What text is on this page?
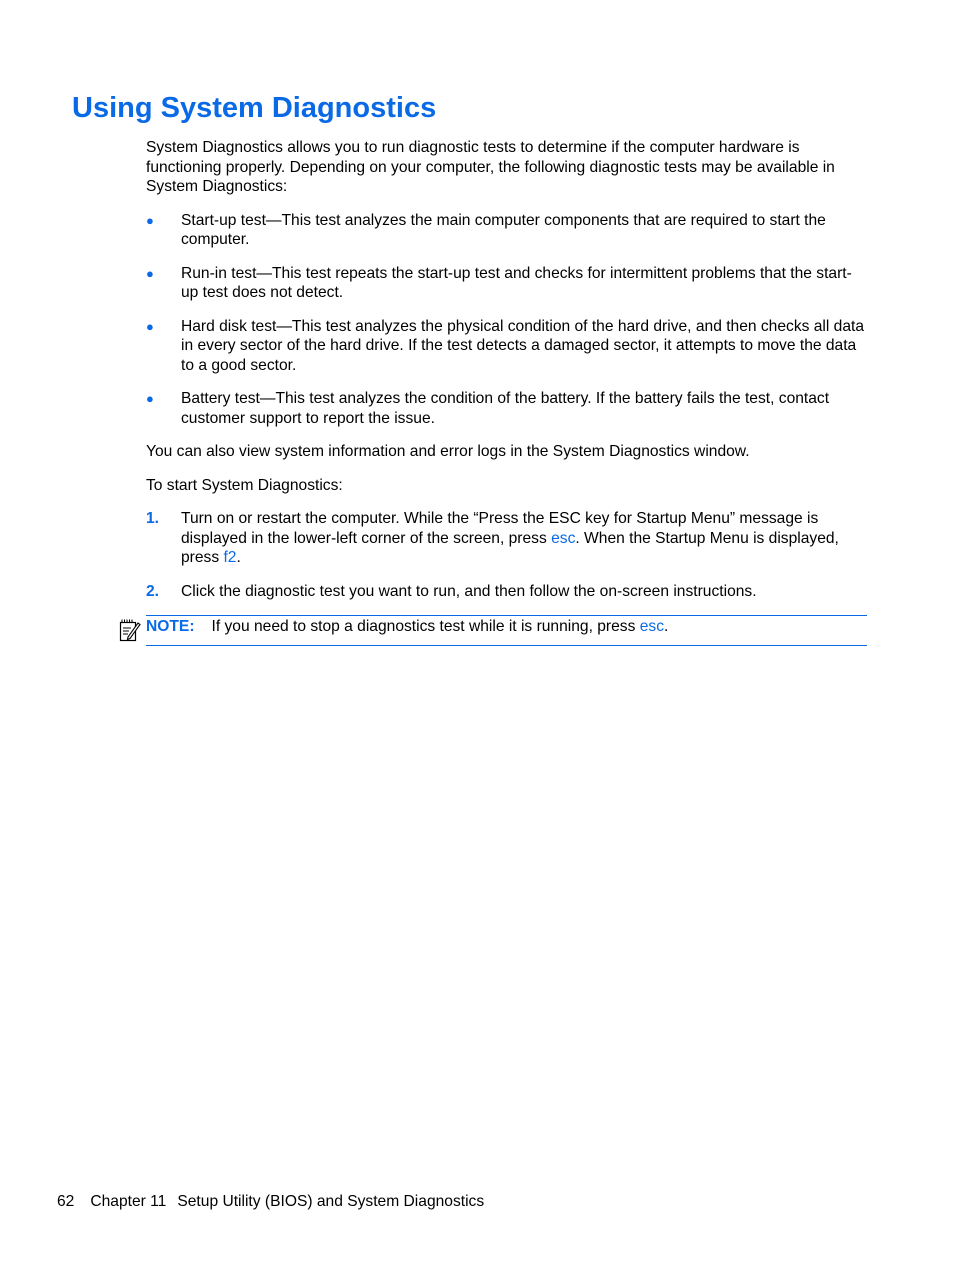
Using System Diagnostics

System Diagnostics allows you to run diagnostic tests to determine if the computer hardware is functioning properly. Depending on your computer, the following diagnostic tests may be available in System Diagnostics:

● Start-up test—This test analyzes the main computer components that are required to start the computer.
● Run-in test—This test repeats the start-up test and checks for intermittent problems that the start-up test does not detect.
● Hard disk test—This test analyzes the physical condition of the hard drive, and then checks all data in every sector of the hard drive. If the test detects a damaged sector, it attempts to move the data to a good sector.
● Battery test—This test analyzes the condition of the battery. If the battery fails the test, contact customer support to report the issue.

You can also view system information and error logs in the System Diagnostics window.

To start System Diagnostics:

1. Turn on or restart the computer. While the “Press the ESC key for Startup Menu” message is displayed in the lower-left corner of the screen, press esc. When the Startup Menu is displayed, press f2.
2. Click the diagnostic test you want to run, and then follow the on-screen instructions.
NOTE: If you need to stop a diagnostics test while it is running, press esc.
62 Chapter 11 Setup Utility (BIOS) and System Diagnostics
